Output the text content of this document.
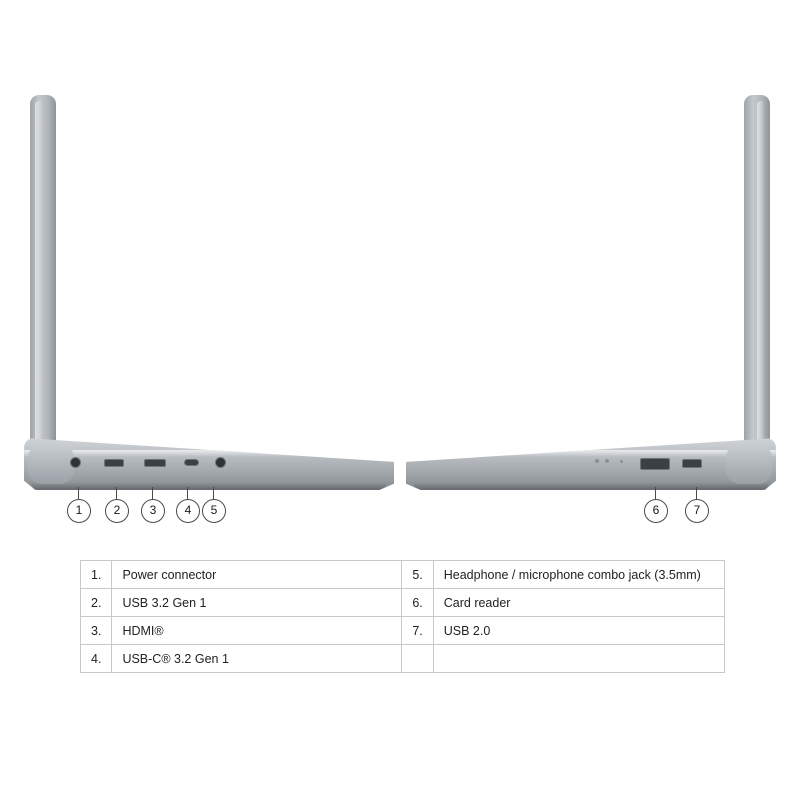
1	2	3	4	5	6	7
1.	Power connector	5.	Headphone / microphone combo jack (3.5mm)
2.	USB 3.2 Gen 1	6.	Card reader
3.	HDMI®	7.	USB 2.0
4.	USB-C® 3.2 Gen 1		
